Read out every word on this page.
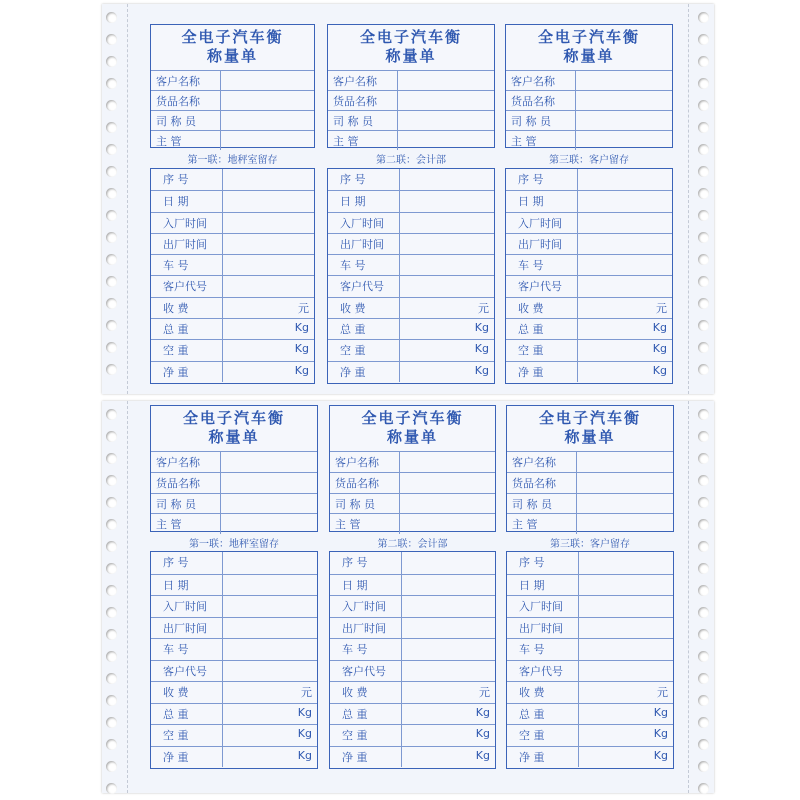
全电子汽车衡
称量单
客户名称
货品名称
司 称 员
主 管
第一联：地秤室留存
序 号
日 期
入厂时间
出厂时间
车 号
客户代号
收 费	元
总 重	Kg
空 重	Kg
净 重	Kg
全电子汽车衡
称量单
客户名称
货品名称
司 称 员
主 管
第二联：会计部
序 号
日 期
入厂时间
出厂时间
车 号
客户代号
收 费	元
总 重	Kg
空 重	Kg
净 重	Kg
全电子汽车衡
称量单
客户名称
货品名称
司 称 员
主 管
第三联：客户留存
序 号
日 期
入厂时间
出厂时间
车 号
客户代号
收 费	元
总 重	Kg
空 重	Kg
净 重	Kg
全电子汽车衡
称量单
客户名称
货品名称
司 称 员
主 管
第一联：地秤室留存
序 号
日 期
入厂时间
出厂时间
车 号
客户代号
收 费	元
总 重	Kg
空 重	Kg
净 重	Kg
全电子汽车衡
称量单
客户名称
货品名称
司 称 员
主 管
第二联：会计部
序 号
日 期
入厂时间
出厂时间
车 号
客户代号
收 费	元
总 重	Kg
空 重	Kg
净 重	Kg
全电子汽车衡
称量单
客户名称
货品名称
司 称 员
主 管
第三联：客户留存
序 号
日 期
入厂时间
出厂时间
车 号
客户代号
收 费	元
总 重	Kg
空 重	Kg
净 重	Kg
